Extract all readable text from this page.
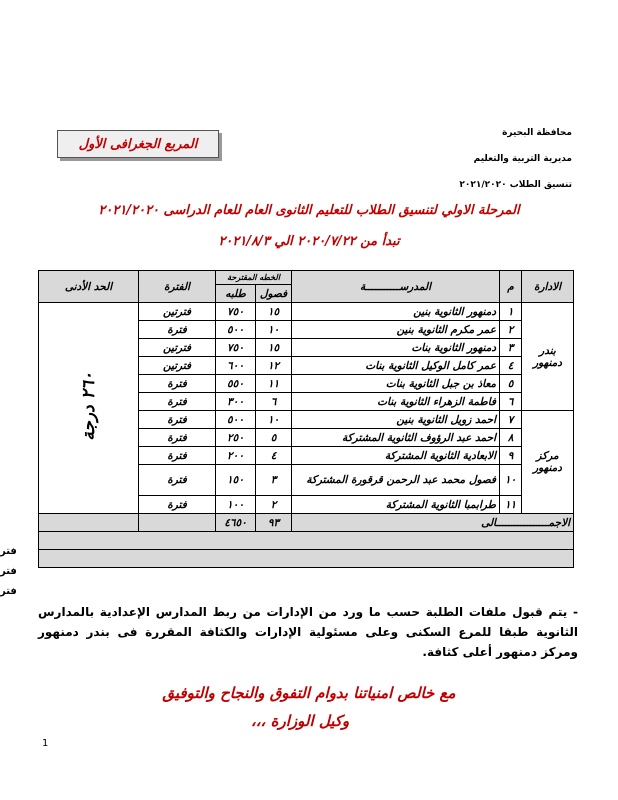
محافظة البحيرة
مديرية التربية والتعليم
تنسيق الطلاب ٢٠٢١/٢٠٢٠
المربع الجغرافى الأول
المرحلة الاولي لتنسيق الطلاب للتعليم الثانوى العام للعام الدراسى ٢٠٢١/٢٠٢٠
تبدأ من ٢٠٢٠/٧/٢٢ الي ٢٠٢١/٨/٣
الادارة	م	المدرســـــــــــة	الخطه المقترحة		الفترة	الحد الأدنى
			فصول	طلبه		
بندر دمنهور	١	دمنهور الثانوية بنين	١٥	٧٥٠	فترتين	٢٦٠ درجة
	٢	عمر مكرم الثانوية بنين	١٠	٥٠٠	فترة	
	٣	دمنهور الثانوية بنات	١٥	٧٥٠	فترتين	
	٤	عمر كامل الوكيل الثانوية بنات	١٢	٦٠٠	فترتين	
	٥	معاذ بن جبل الثانوية بنات	١١	٥٥٠	فترة	
	٦	فاطمة الزهراء الثانوية بنات	٦	٣٠٠	فترة	
مركز دمنهور	٧	احمد زويل الثانوية بنين	١٠	٥٠٠	فترة	
	٨	احمد عبد الرؤوف الثانوية المشتركة	٥	٢٥٠	فترة	
	٩	الابعادية الثانوية المشتركة	٤	٢٠٠	فترة	
	١٠	فصول محمد عبد الرحمن قرقورة المشتركة	٣	١٥٠	فترة	
	١١	طرابمبا الثانوية المشتركة	٢	١٠٠	فترة	
الاجمـــــــــــــــــالى			٩٣	٤٦٥٠		

فتر
فتر
فتر
- يتم قبول ملفات الطلبة حسب ما ورد من الإدارات من ربط المدارس الإعدادية بالمدارس الثانوية طبقا للمرع السكنى وعلى مسئولية الإدارات والكثافة المقررة فى بندر دمنهور ومركز دمنهور أعلى كثافة.
مع خالص امنياتنا بدوام التفوق والنجاح والتوفيق
وكيل الوزارة ،،،
1
